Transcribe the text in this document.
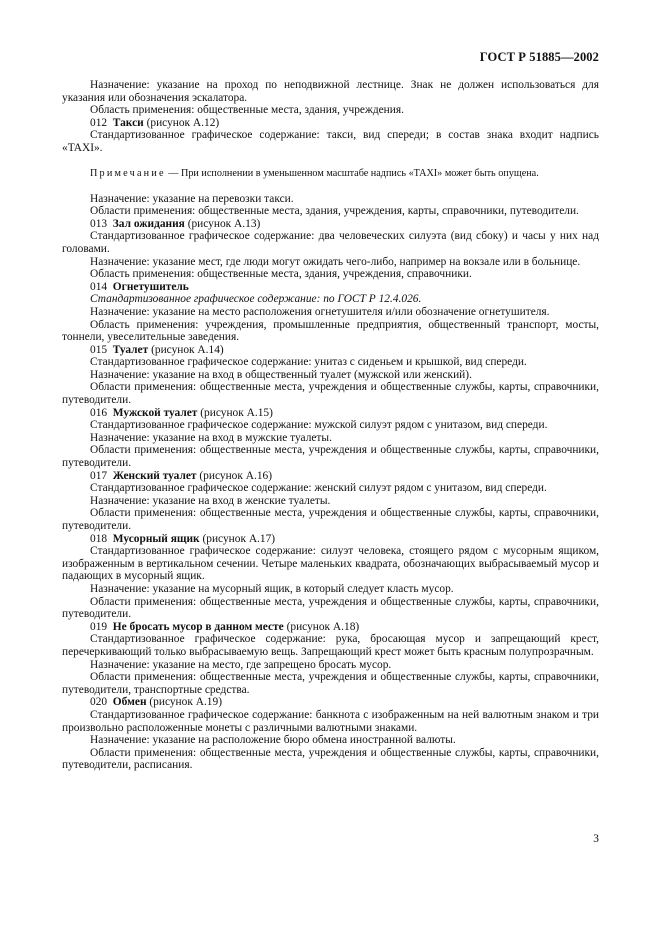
ГОСТ Р 51885—2002

Назначение: указание на проход по неподвижной лестнице. Знак не должен использоваться для указания или обозначения эскалатора.

Область применения: общественные места, здания, учреждения.

012 Такси (рисунок А.12)

Стандартизованное графическое содержание: такси, вид спереди; в состав знака входит надпись «TAXI».

Примечание — При исполнении в уменьшенном масштабе надпись «TAXI» может быть опущена.

Назначение: указание на перевозки такси.

Области применения: общественные места, здания, учреждения, карты, справочники, путеводители.

013 Зал ожидания (рисунок А.13)

Стандартизованное графическое содержание: два человеческих силуэта (вид сбоку) и часы у них над головами.

Назначение: указание мест, где люди могут ожидать чего-либо, например на вокзале или в больнице.

Область применения: общественные места, здания, учреждения, справочники.

014 Огнетушитель

Стандартизованное графическое содержание: по ГОСТ Р 12.4.026.

Назначение: указание на место расположения огнетушителя и/или обозначение огнетушителя.

Область применения: учреждения, промышленные предприятия, общественный транспорт, мосты, тоннели, увеселительные заведения.

015 Туалет (рисунок А.14)

Стандартизованное графическое содержание: унитаз с сиденьем и крышкой, вид спереди.

Назначение: указание на вход в общественный туалет (мужской или женский).

Области применения: общественные места, учреждения и общественные службы, карты, справочники, путеводители.

016 Мужской туалет (рисунок А.15)

Стандартизованное графическое содержание: мужской силуэт рядом с унитазом, вид спереди.

Назначение: указание на вход в мужские туалеты.

Области применения: общественные места, учреждения и общественные службы, карты, справочники, путеводители.

017 Женский туалет (рисунок А.16)

Стандартизованное графическое содержание: женский силуэт рядом с унитазом, вид спереди.

Назначение: указание на вход в женские туалеты.

Области применения: общественные места, учреждения и общественные службы, карты, справочники, путеводители.

018 Мусорный ящик (рисунок А.17)

Стандартизованное графическое содержание: силуэт человека, стоящего рядом с мусорным ящиком, изображенным в вертикальном сечении. Четыре маленьких квадрата, обозначающих выбрасываемый мусор и падающих в мусорный ящик.

Назначение: указание на мусорный ящик, в который следует класть мусор.

Области применения: общественные места, учреждения и общественные службы, карты, справочники, путеводители.

019 Не бросать мусор в данном месте (рисунок А.18)

Стандартизованное графическое содержание: рука, бросающая мусор и запрещающий крест, перечеркивающий только выбрасываемую вещь. Запрещающий крест может быть красным полупрозрачным.

Назначение: указание на место, где запрещено бросать мусор.

Области применения: общественные места, учреждения и общественные службы, карты, справочники, путеводители, транспортные средства.

020 Обмен (рисунок А.19)

Стандартизованное графическое содержание: банкнота с изображенным на ней валютным знаком и три произвольно расположенные монеты с различными валютными знаками.

Назначение: указание на расположение бюро обмена иностранной валюты.

Области применения: общественные места, учреждения и общественные службы, карты, справочники, путеводители, расписания.

3
